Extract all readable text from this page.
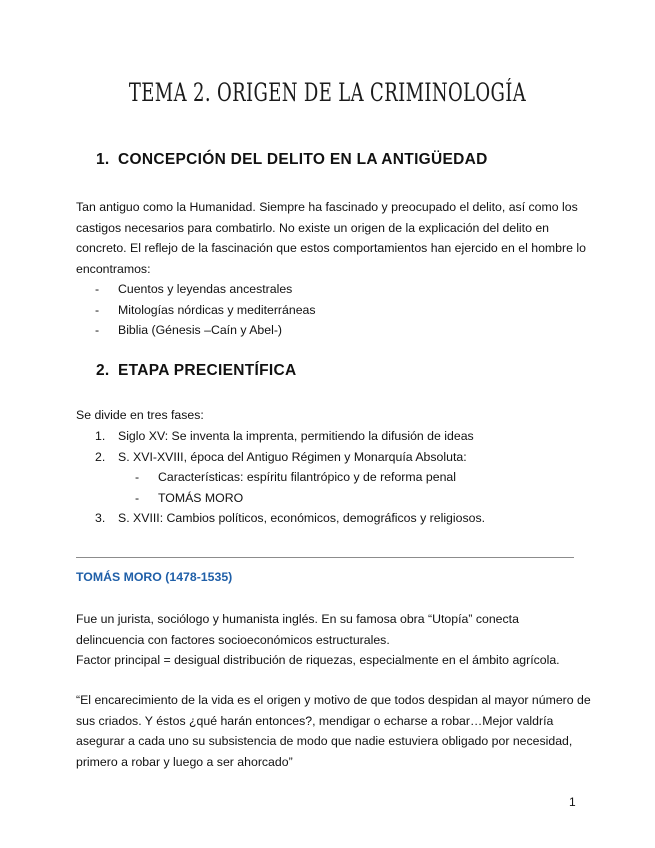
TEMA 2. ORIGEN DE LA CRIMINOLOGÍA
1. CONCEPCIÓN DEL DELITO EN LA ANTIGÜEDAD
Tan antiguo como la Humanidad. Siempre ha fascinado y preocupado el delito, así como los
castigos necesarios para combatirlo. No existe un origen de la explicación del delito en
concreto. El reflejo de la fascinación que estos comportamientos han ejercido en el hombre lo
encontramos:
- Cuentos y leyendas ancestrales
- Mitologías nórdicas y mediterráneas
- Biblia (Génesis –Caín y Abel-)
2. ETAPA PRECIENTÍFICA
Se divide en tres fases:
1. Siglo XV: Se inventa la imprenta, permitiendo la difusión de ideas
2. S. XVI-XVIII, época del Antiguo Régimen y Monarquía Absoluta:
- Características: espíritu filantrópico y de reforma penal
- TOMÁS MORO
3. S. XVIII: Cambios políticos, económicos, demográficos y religiosos.
TOMÁS MORO (1478-1535)
Fue un jurista, sociólogo y humanista inglés. En su famosa obra “Utopía” conecta
delincuencia con factores socioeconómicos estructurales.
Factor principal = desigual distribución de riquezas, especialmente en el ámbito agrícola.
“El encarecimiento de la vida es el origen y motivo de que todos despidan al mayor número de
sus criados. Y éstos ¿qué harán entonces?, mendigar o echarse a robar…Mejor valdría
asegurar a cada uno su subsistencia de modo que nadie estuviera obligado por necesidad,
primero a robar y luego a ser ahorcado”
1
